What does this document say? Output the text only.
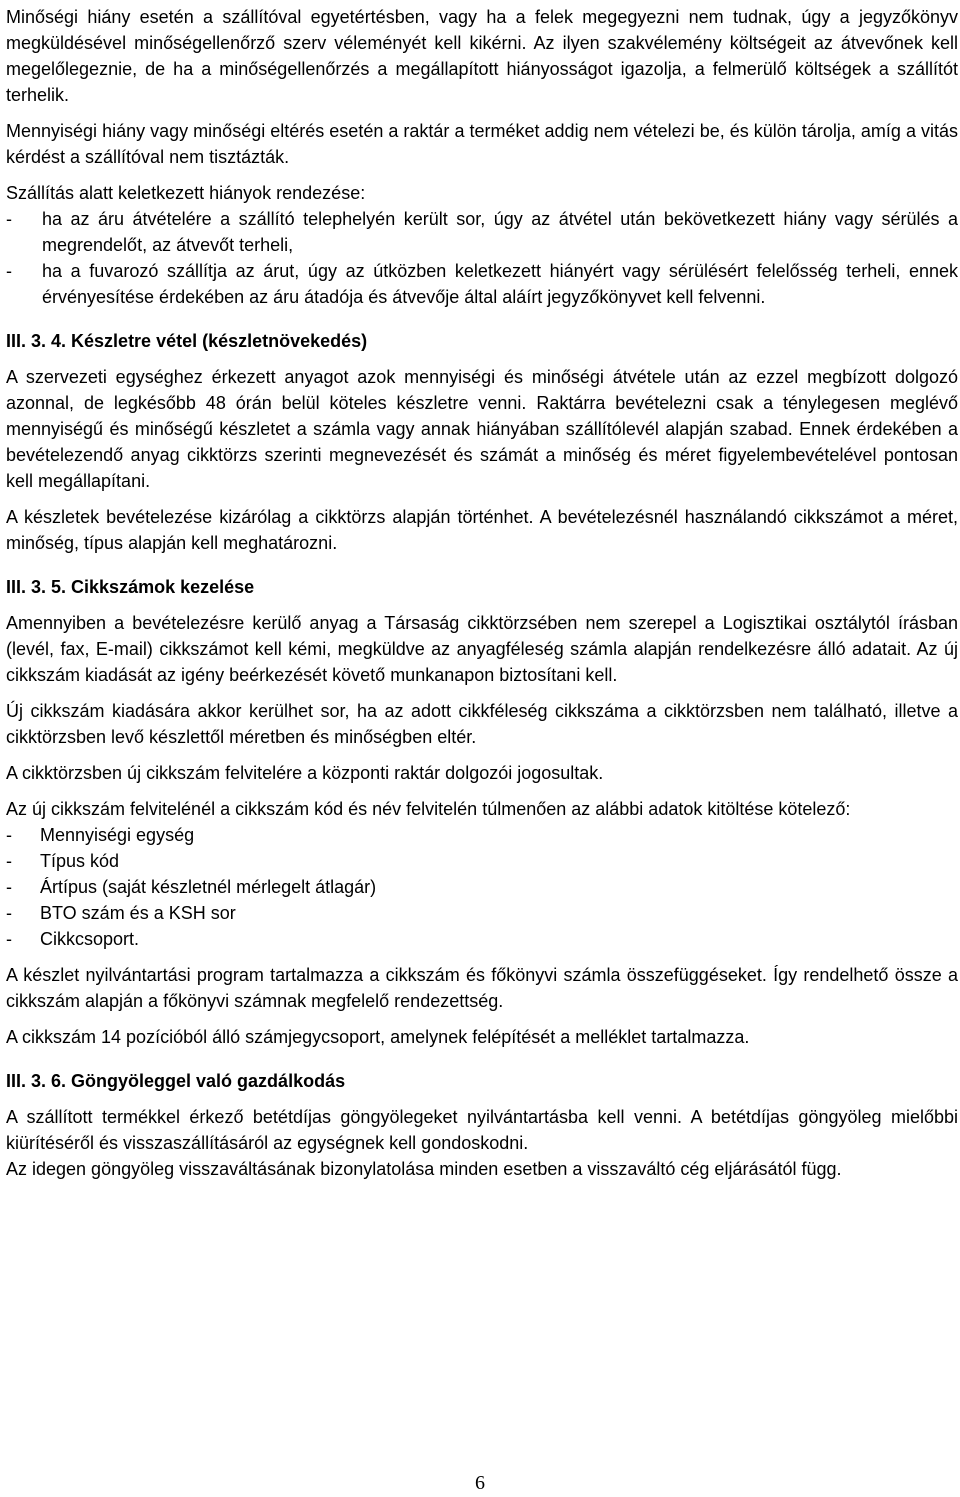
Minőségi hiány esetén a szállítóval egyetértésben, vagy ha a felek megegyezni nem tudnak, úgy a jegyzőkönyv megküldésével minőségellenőrző szerv véleményét kell kikérni. Az ilyen szakvélemény költségeit az átvevőnek kell megelőlegeznie, de ha a minőségellenőrzés a megállapított hiányosságot igazolja, a felmerülő költségek a szállítót terhelik.

Mennyiségi hiány vagy minőségi eltérés esetén a raktár a terméket addig nem vételezi be, és külön tárolja, amíg a vitás kérdést a szállítóval nem tisztázták.

Szállítás alatt keletkezett hiányok rendezése:

- ha az áru átvételére a szállító telephelyén került sor, úgy az átvétel után bekövetkezett hiány vagy sérülés a megrendelőt, az átvevőt terheli,
- ha a fuvarozó szállítja az árut, úgy az útközben keletkezett hiányért vagy sérülésért felelősség terheli, ennek érvényesítése érdekében az áru átadója és átvevője által aláírt jegyzőkönyvet kell felvenni.

III. 3. 4. Készletre vétel (készletnövekedés)

A szervezeti egységhez érkezett anyagot azok mennyiségi és minőségi átvétele után az ezzel megbízott dolgozó azonnal, de legkésőbb 48 órán belül köteles készletre venni. Raktárra bevételezni csak a ténylegesen meglévő mennyiségű és minőségű készletet a számla vagy annak hiányában szállítólevél alapján szabad. Ennek érdekében a bevételezendő anyag cikktörzs szerinti megnevezését és számát a minőség és méret figyelembevételével pontosan kell megállapítani.

A készletek bevételezése kizárólag a cikktörzs alapján történhet. A bevételezésnél használandó cikkszámot a méret, minőség, típus alapján kell meghatározni.

III. 3. 5. Cikkszámok kezelése

Amennyiben a bevételezésre kerülő anyag a Társaság cikktörzsében nem szerepel a Logisztikai osztálytól írásban (levél, fax, E-mail) cikkszámot kell kémi, megküldve az anyagféleség számla alapján rendelkezésre álló adatait. Az új cikkszám kiadását az igény beérkezését követő munkanapon biztosítani kell.

Új cikkszám kiadására akkor kerülhet sor, ha az adott cikkféleség cikkszáma a cikktörzsben nem található, illetve a cikktörzsben levő készlettől méretben és minőségben eltér.

A cikktörzsben új cikkszám felvitelére a központi raktár dolgozói jogosultak.

Az új cikkszám felvitelénél a cikkszám kód és név felvitelén túlmenően az alábbi adatok kitöltése kötelező:

- Mennyiségi egység
- Típus kód
- Ártípus (saját készletnél mérlegelt átlagár)
- BTO szám és a KSH sor
- Cikkcsoport.

A készlet nyilvántartási program tartalmazza a cikkszám és főkönyvi számla összefüggéseket. Így rendelhető össze a cikkszám alapján a főkönyvi számnak megfelelő rendezettség.

A cikkszám 14 pozícióból álló számjegycsoport, amelynek felépítését a melléklet tartalmazza.

III. 3. 6. Göngyöleggel való gazdálkodás

A szállított termékkel érkező betétdíjas göngyölegeket nyilvántartásba kell venni. A betétdíjas göngyöleg mielőbbi kiürítéséről és visszaszállításáról az egységnek kell gondoskodni.

Az idegen göngyöleg visszaváltásának bizonylatolása minden esetben a visszaváltó cég eljárásától függ.

6
